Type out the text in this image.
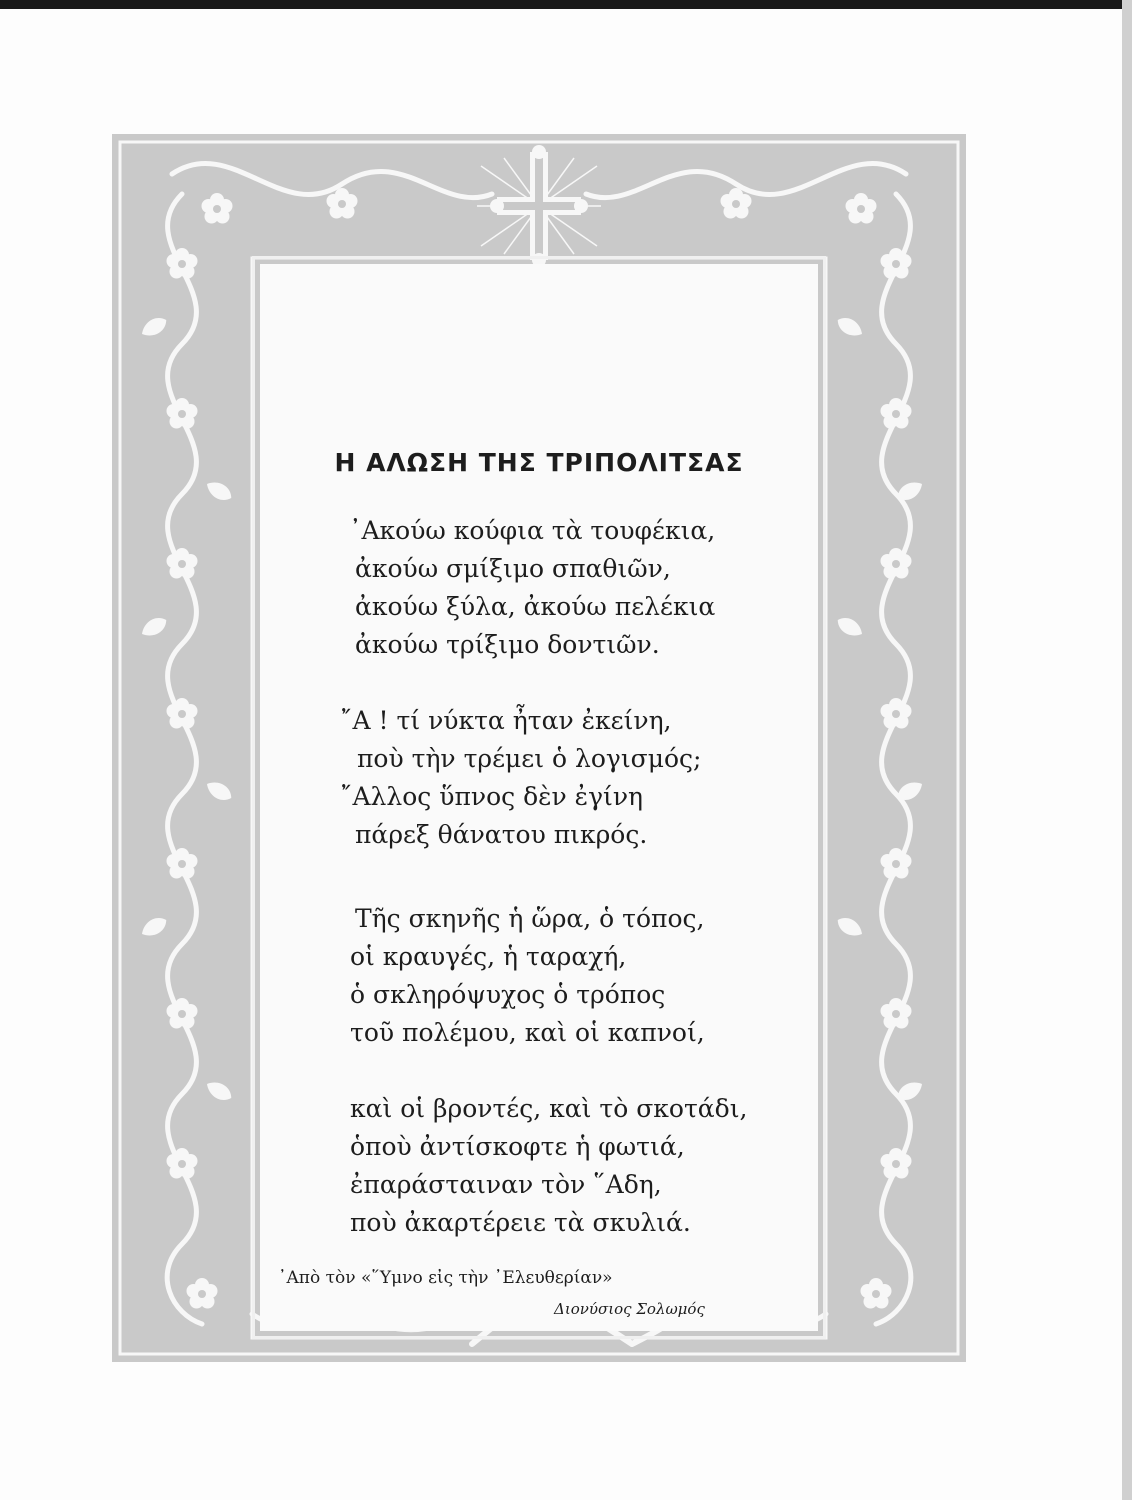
Η ΑΛΩΣΗ ΤΗΣ ΤΡΙΠΟΛΙΤΣΑΣ
᾿Ακούω κούφια τὰ τουφέκια,
ἀκούω σμίξιμο σπαθιῶν,
ἀκούω ξύλα, ἀκούω πελέκια
ἀκούω τρίξιμο δοντιῶν.
῎Α ! τί νύκτα ἦταν ἐκείνη,
ποὺ τὴν τρέμει ὁ λογισμός;
῎Αλλος ὕπνος δὲν ἐγίνη
πάρεξ θάνατου πικρός.
Τῆς σκηνῆς ἡ ὥρα, ὁ τόπος,
οἱ κραυγές, ἡ ταραχή,
ὁ σκληρόψυχος ὁ τρόπος
τοῦ πολέμου, καὶ οἱ καπνοί,
καὶ οἱ βροντές, καὶ τὸ σκοτάδι,
ὁποὺ ἀντίσκοφτε ἡ φωτιά,
ἐπαράσταιναν τὸν ῞Αδη,
ποὺ ἀκαρτέρειε τὰ σκυλιά.
᾿Απὸ τὸν «῞Υμνο εἰς τὴν ᾿Ελευθερίαν»
Διονύσιος Σολωμός
